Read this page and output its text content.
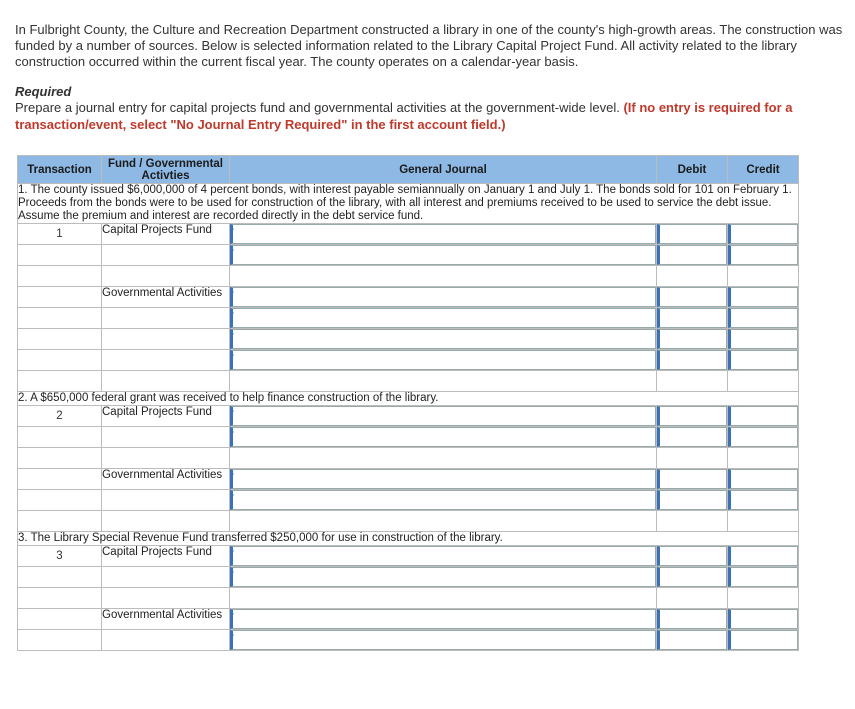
In Fulbright County, the Culture and Recreation Department constructed a library in one of the county's high-growth areas. The construction was funded by a number of sources. Below is selected information related to the Library Capital Project Fund. All activity related to the library construction occurred within the current fiscal year. The county operates on a calendar-year basis.
Required
Prepare a journal entry for capital projects fund and governmental activities at the government-wide level. (If no entry is required for a
transaction/event, select "No Journal Entry Required" in the first account field.)
Transaction	Fund / Governmental Activties	General Journal	Debit	Credit
1. The county issued $6,000,000 of 4 percent bonds, with interest payable semiannually on January 1 and July 1. The bonds sold for 101 on February 1. Proceeds from the bonds were to be used for construction of the library, with all interest and premiums received to be used to service the debt issue. Assume the premium and interest are recorded directly in the debt service fund.				
1	Capital Projects Fund	

	Governmental Activities	

2. A $650,000 federal grant was received to help finance construction of the library.				
2	Capital Projects Fund	

	Governmental Activities	

3. The Library Special Revenue Fund transferred $250,000 for use in construction of the library.				
3	Capital Projects Fund	

	Governmental Activities	
